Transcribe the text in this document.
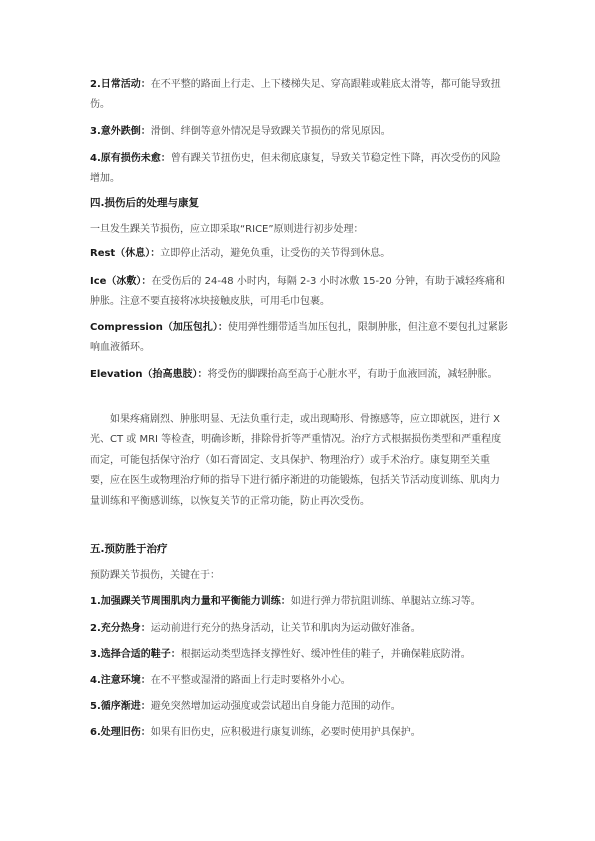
2.日常活动：在不平整的路面上行走、上下楼梯失足、穿高跟鞋或鞋底太滑等，都可能导致扭伤。

3.意外跌倒：滑倒、绊倒等意外情况是导致踝关节损伤的常见原因。

4.原有损伤未愈：曾有踝关节扭伤史，但未彻底康复，导致关节稳定性下降，再次受伤的风险增加。

四.损伤后的处理与康复

一旦发生踝关节损伤，应立即采取“RICE”原则进行初步处理：

Rest（休息）：立即停止活动，避免负重，让受伤的关节得到休息。

Ice（冰敷）：在受伤后的 24-48 小时内，每隔 2-3 小时冰敷 15-20 分钟，有助于减轻疼痛和肿胀。注意不要直接将冰块接触皮肤，可用毛巾包裹。

Compression（加压包扎）：使用弹性绷带适当加压包扎，限制肿胀，但注意不要包扎过紧影响血液循环。

Elevation（抬高患肢）：将受伤的脚踝抬高至高于心脏水平，有助于血液回流，减轻肿胀。

如果疼痛剧烈、肿胀明显、无法负重行走，或出现畸形、骨擦感等，应立即就医，进行 X 光、CT 或 MRI 等检查，明确诊断，排除骨折等严重情况。治疗方式根据损伤类型和严重程度而定，可能包括保守治疗（如石膏固定、支具保护、物理治疗）或手术治疗。康复期至关重要，应在医生或物理治疗师的指导下进行循序渐进的功能锻炼，包括关节活动度训练、肌肉力量训练和平衡感训练，以恢复关节的正常功能，防止再次受伤。

五.预防胜于治疗

预防踝关节损伤，关键在于：

1.加强踝关节周围肌肉力量和平衡能力训练：如进行弹力带抗阻训练、单腿站立练习等。

2.充分热身：运动前进行充分的热身活动，让关节和肌肉为运动做好准备。

3.选择合适的鞋子：根据运动类型选择支撑性好、缓冲性佳的鞋子，并确保鞋底防滑。

4.注意环境：在不平整或湿滑的路面上行走时要格外小心。

5.循序渐进：避免突然增加运动强度或尝试超出自身能力范围的动作。

6.处理旧伤：如果有旧伤史，应积极进行康复训练，必要时使用护具保护。
